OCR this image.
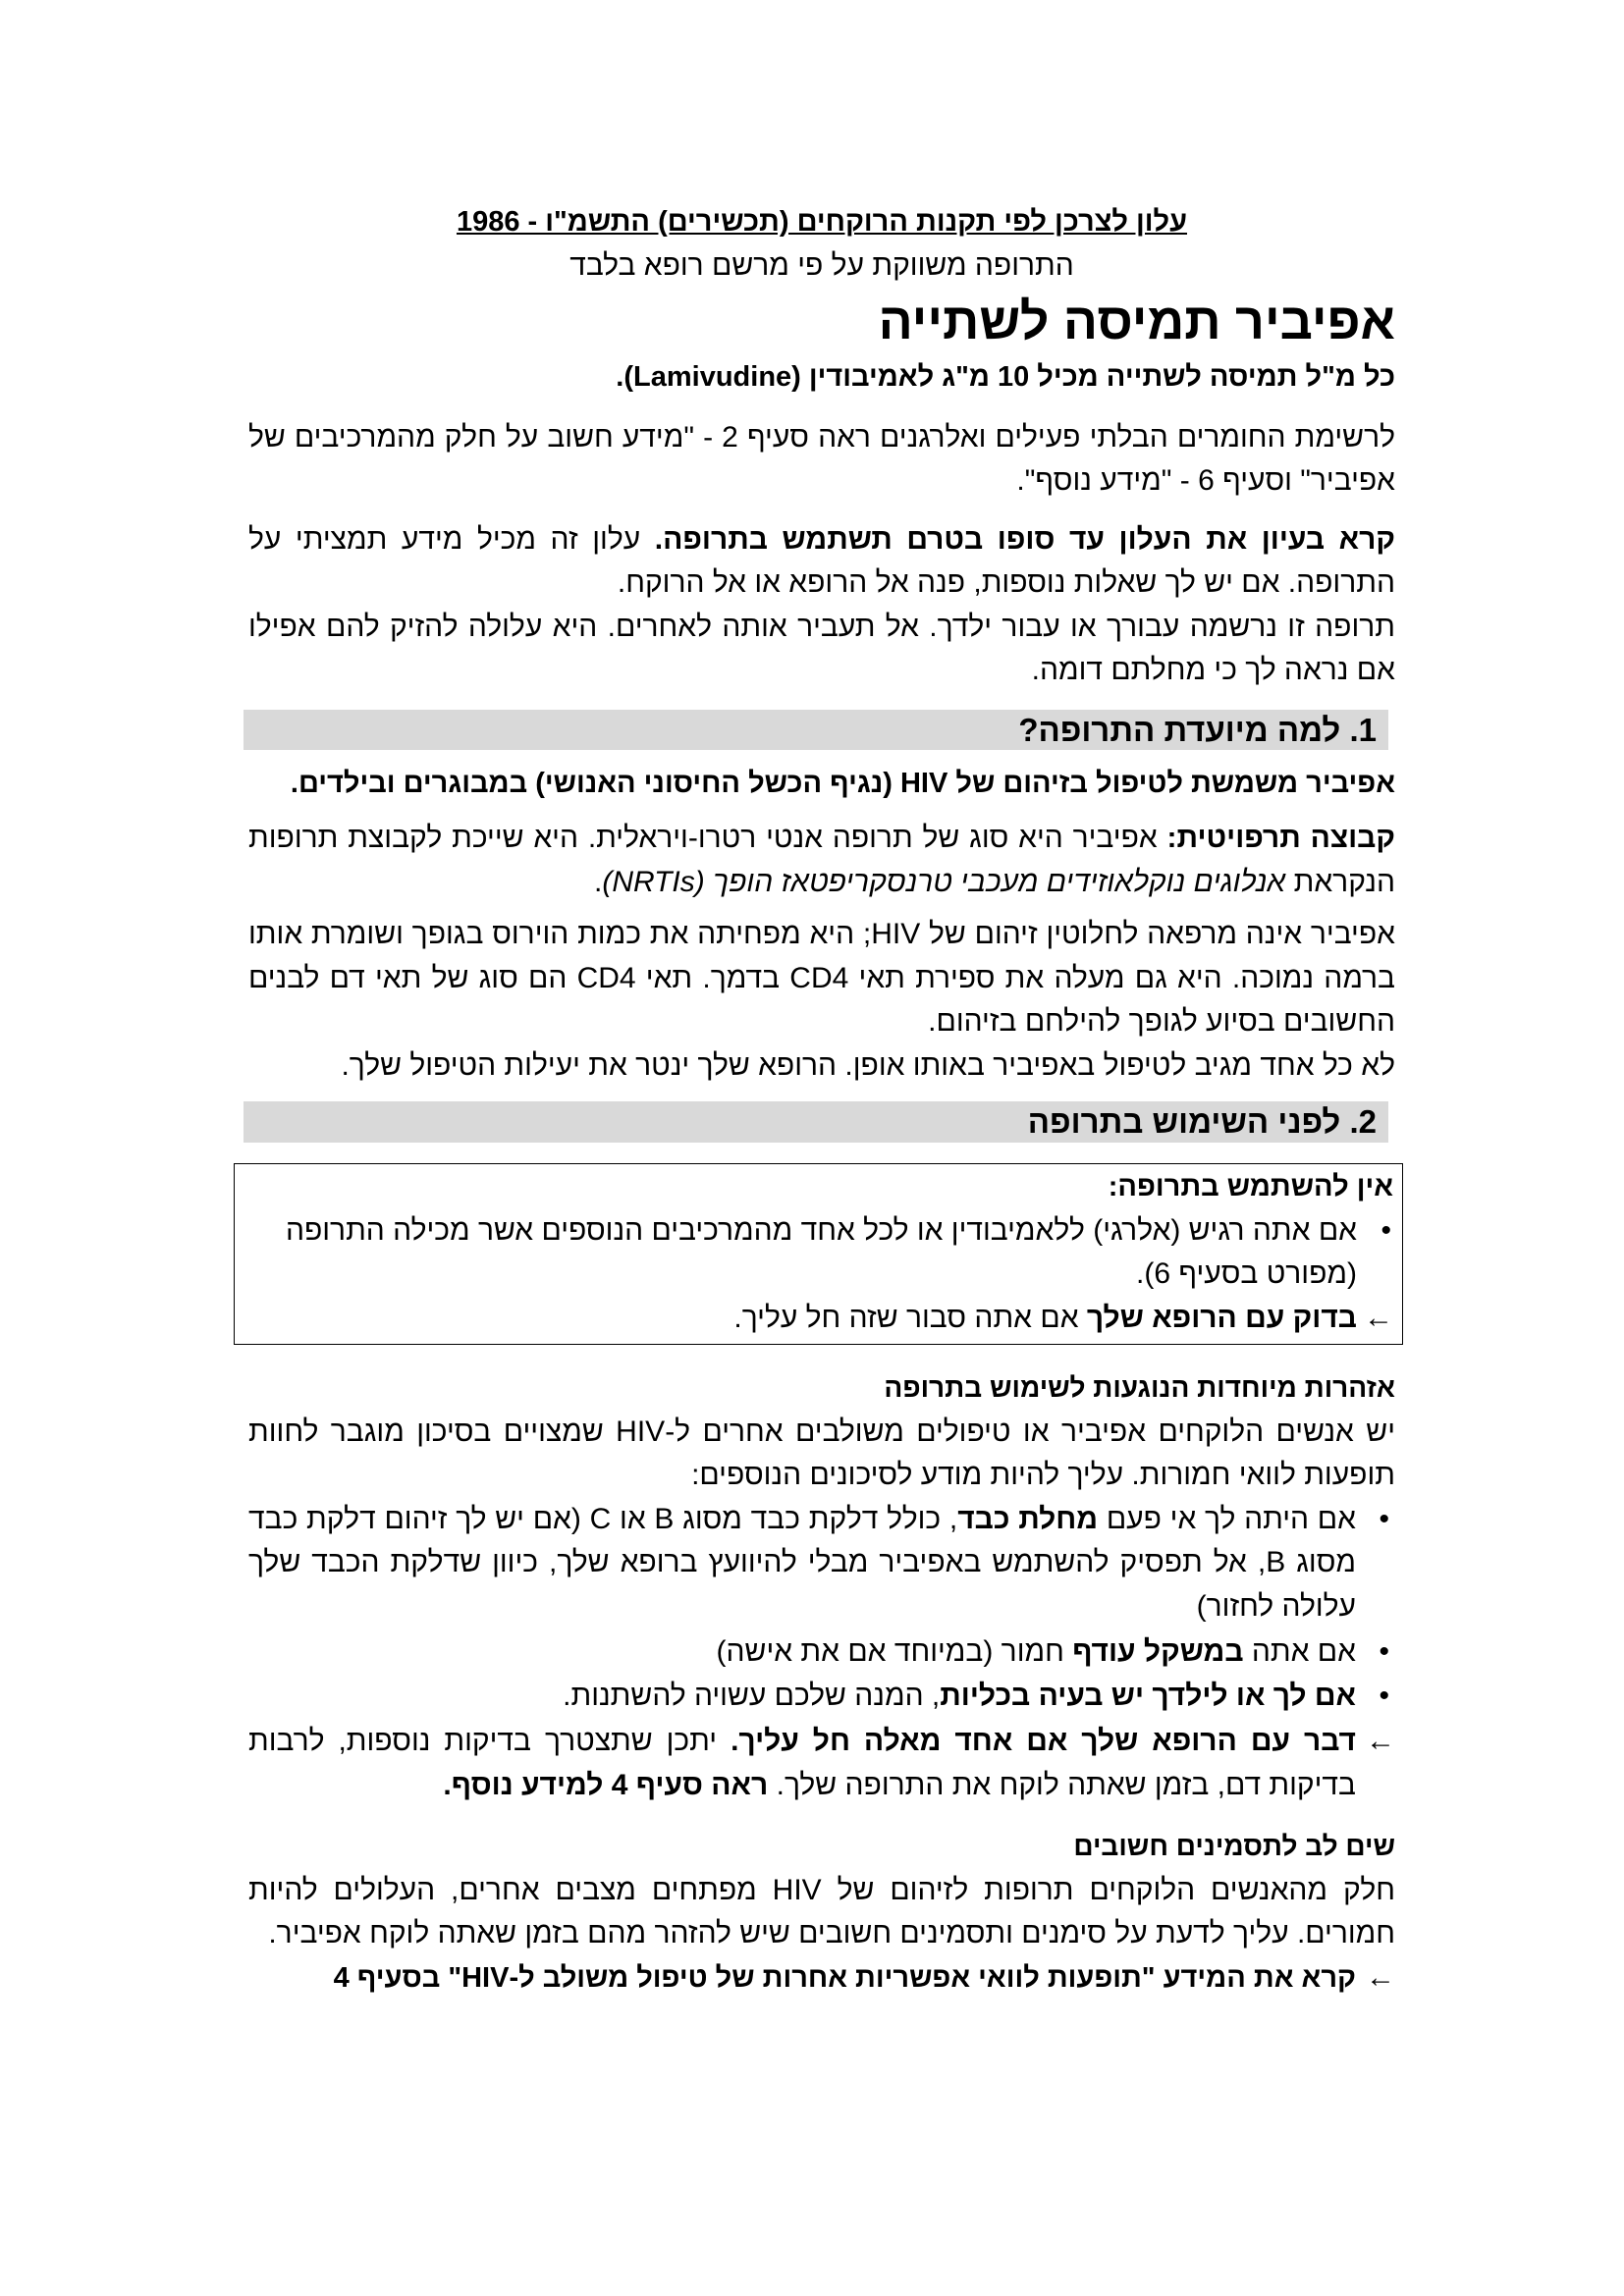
עלון לצרכן לפי תקנות הרוקחים (תכשירים) התשמ"ו - 1986

התרופה משווקת על פי מרשם רופא בלבד

אפיביר תמיסה לשתייה

כל מ"ל תמיסה לשתייה מכיל 10 מ"ג לאמיבודין (Lamivudine).

לרשימת החומרים הבלתי פעילים ואלרגנים ראה סעיף 2 - "מידע חשוב על חלק מהמרכיבים של אפיביר" וסעיף 6 - "מידע נוסף".

קרא בעיון את העלון עד סופו בטרם תשתמש בתרופה. עלון זה מכיל מידע תמציתי על התרופה. אם יש לך שאלות נוספות, פנה אל הרופא או אל הרוקח.

תרופה זו נרשמה עבורך או עבור ילדך. אל תעביר אותה לאחרים. היא עלולה להזיק להם אפילו אם נראה לך כי מחלתם דומה.

1. למה מיועדת התרופה?

אפיביר משמשת לטיפול בזיהום של HIV (נגיף הכשל החיסוני האנושי) במבוגרים ובילדים.

קבוצה תרפויטית: אפיביר היא סוג של תרופה אנטי רטרו-ויראלית. היא שייכת לקבוצת תרופות הנקראת אנלוגים נוקלאוזידים מעכבי טרנסקריפטאז הופך (NRTIs).

אפיביר אינה מרפאה לחלוטין זיהום של HIV; היא מפחיתה את כמות הוירוס בגופך ושומרת אותו ברמה נמוכה. היא גם מעלה את ספירת תאי CD4 בדמך. תאי CD4 הם סוג של תאי דם לבנים החשובים בסיוע לגופך להילחם בזיהום.

לא כל אחד מגיב לטיפול באפיביר באותו אופן. הרופא שלך ינטר את יעילות הטיפול שלך.

2. לפני השימוש בתרופה

אין להשתמש בתרופה:

•
אם אתה רגיש (אלרגי) ללאמיבודין או לכל אחד מהמרכיבים הנוספים אשר מכילה התרופה (מפורט בסעיף 6).
←
בדוק עם הרופא שלך אם אתה סבור שזה חל עליך.
אזהרות מיוחדות הנוגעות לשימוש בתרופה

יש אנשים הלוקחים אפיביר או טיפולים משולבים אחרים ל-HIV שמצויים בסיכון מוגבר לחוות תופעות לוואי חמורות. עליך להיות מודע לסיכונים הנוספים:

•
אם היתה לך אי פעם מחלת כבד, כולל דלקת כבד מסוג B או C (אם יש לך זיהום דלקת כבד מסוג B, אל תפסיק להשתמש באפיביר מבלי להיוועץ ברופא שלך, כיוון שדלקת הכבד שלך עלולה לחזור)
•
אם אתה במשקל עודף חמור (במיוחד אם את אישה)
•
אם לך או לילדך יש בעיה בכליות, המנה שלכם עשויה להשתנות.
←
דבר עם הרופא שלך אם אחד מאלה חל עליך. יתכן שתצטרך בדיקות נוספות, לרבות בדיקות דם, בזמן שאתה לוקח את התרופה שלך. ראה סעיף 4 למידע נוסף.
שים לב לתסמינים חשובים

חלק מהאנשים הלוקחים תרופות לזיהום של HIV מפתחים מצבים אחרים, העלולים להיות חמורים. עליך לדעת על סימנים ותסמינים חשובים שיש להזהר מהם בזמן שאתה לוקח אפיביר.

←
קרא את המידע "תופעות לוואי אפשריות אחרות של טיפול משולב ל-HIV" בסעיף 4
